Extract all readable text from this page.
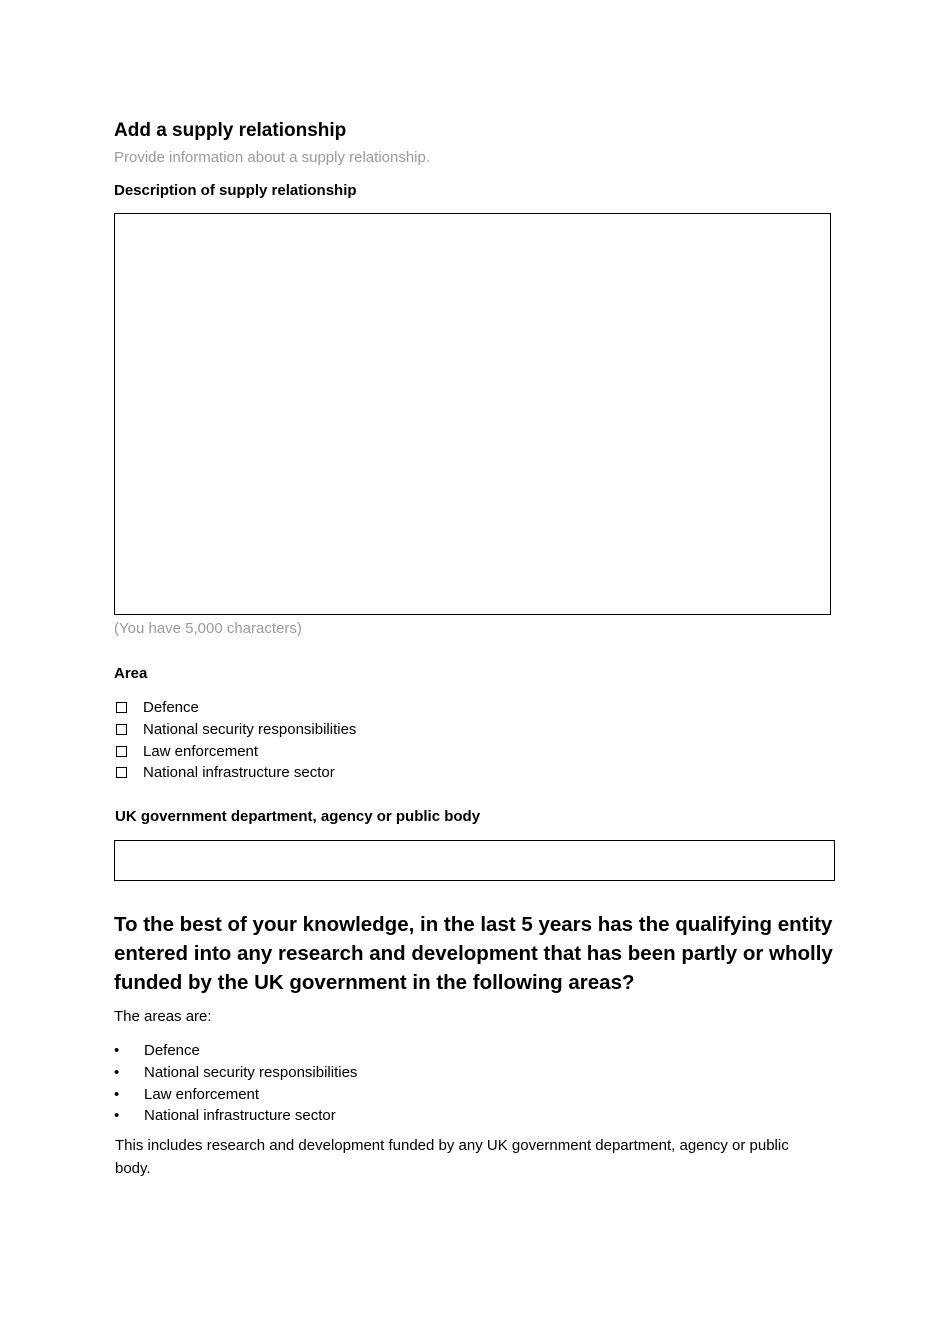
Add a supply relationship

Provide information about a supply relationship.

Description of supply relationship

(You have 5,000 characters)

Area

Defence
National security responsibilities
Law enforcement
National infrastructure sector

UK government department, agency or public body

To the best of your knowledge, in the last 5 years has the qualifying entity entered into any research and development that has been partly or wholly funded by the UK government in the following areas?

The areas are:

•	Defence
•	National security responsibilities
•	Law enforcement
•	National infrastructure sector

This includes research and development funded by any UK government department, agency or public body.
